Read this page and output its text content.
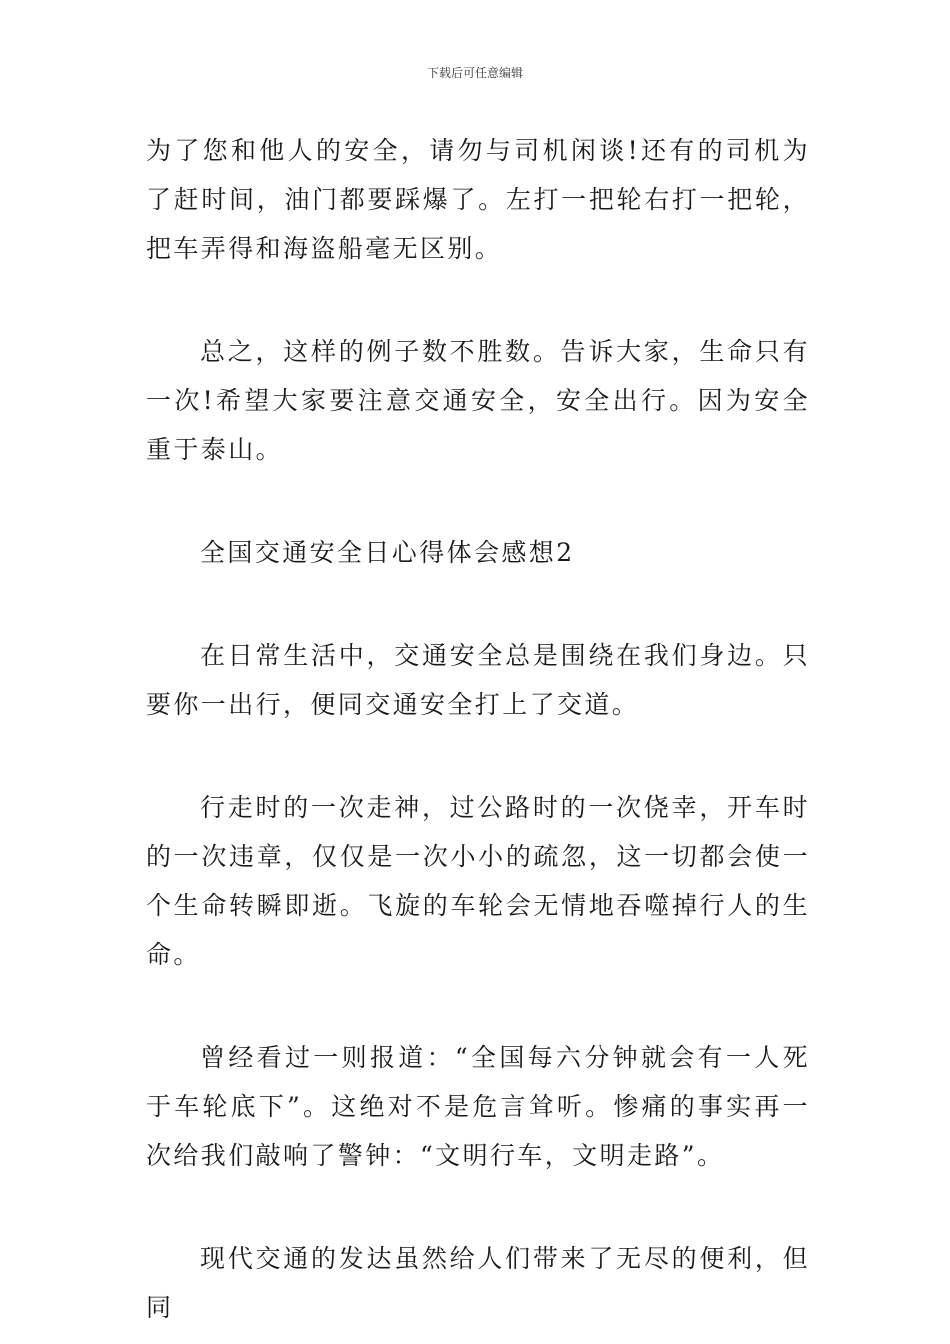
下载后可任意编辑

为了您和他人的安全，请勿与司机闲谈!还有的司机为了赶时间，油门都要踩爆了。左打一把轮右打一把轮，把车弄得和海盗船毫无区别。

总之，这样的例子数不胜数。告诉大家，生命只有一次!希望大家要注意交通安全，安全出行。因为安全重于泰山。

全国交通安全日心得体会感想2

在日常生活中，交通安全总是围绕在我们身边。只要你一出行，便同交通安全打上了交道。

行走时的一次走神，过公路时的一次侥幸，开车时的一次违章，仅仅是一次小小的疏忽，这一切都会使一个生命转瞬即逝。飞旋的车轮会无情地吞噬掉行人的生命。

曾经看过一则报道：“全国每六分钟就会有一人死于车轮底下”。这绝对不是危言耸听。惨痛的事实再一次给我们敲响了警钟：“文明行车，文明走路”。

现代交通的发达虽然给人们带来了无尽的便利，但同
